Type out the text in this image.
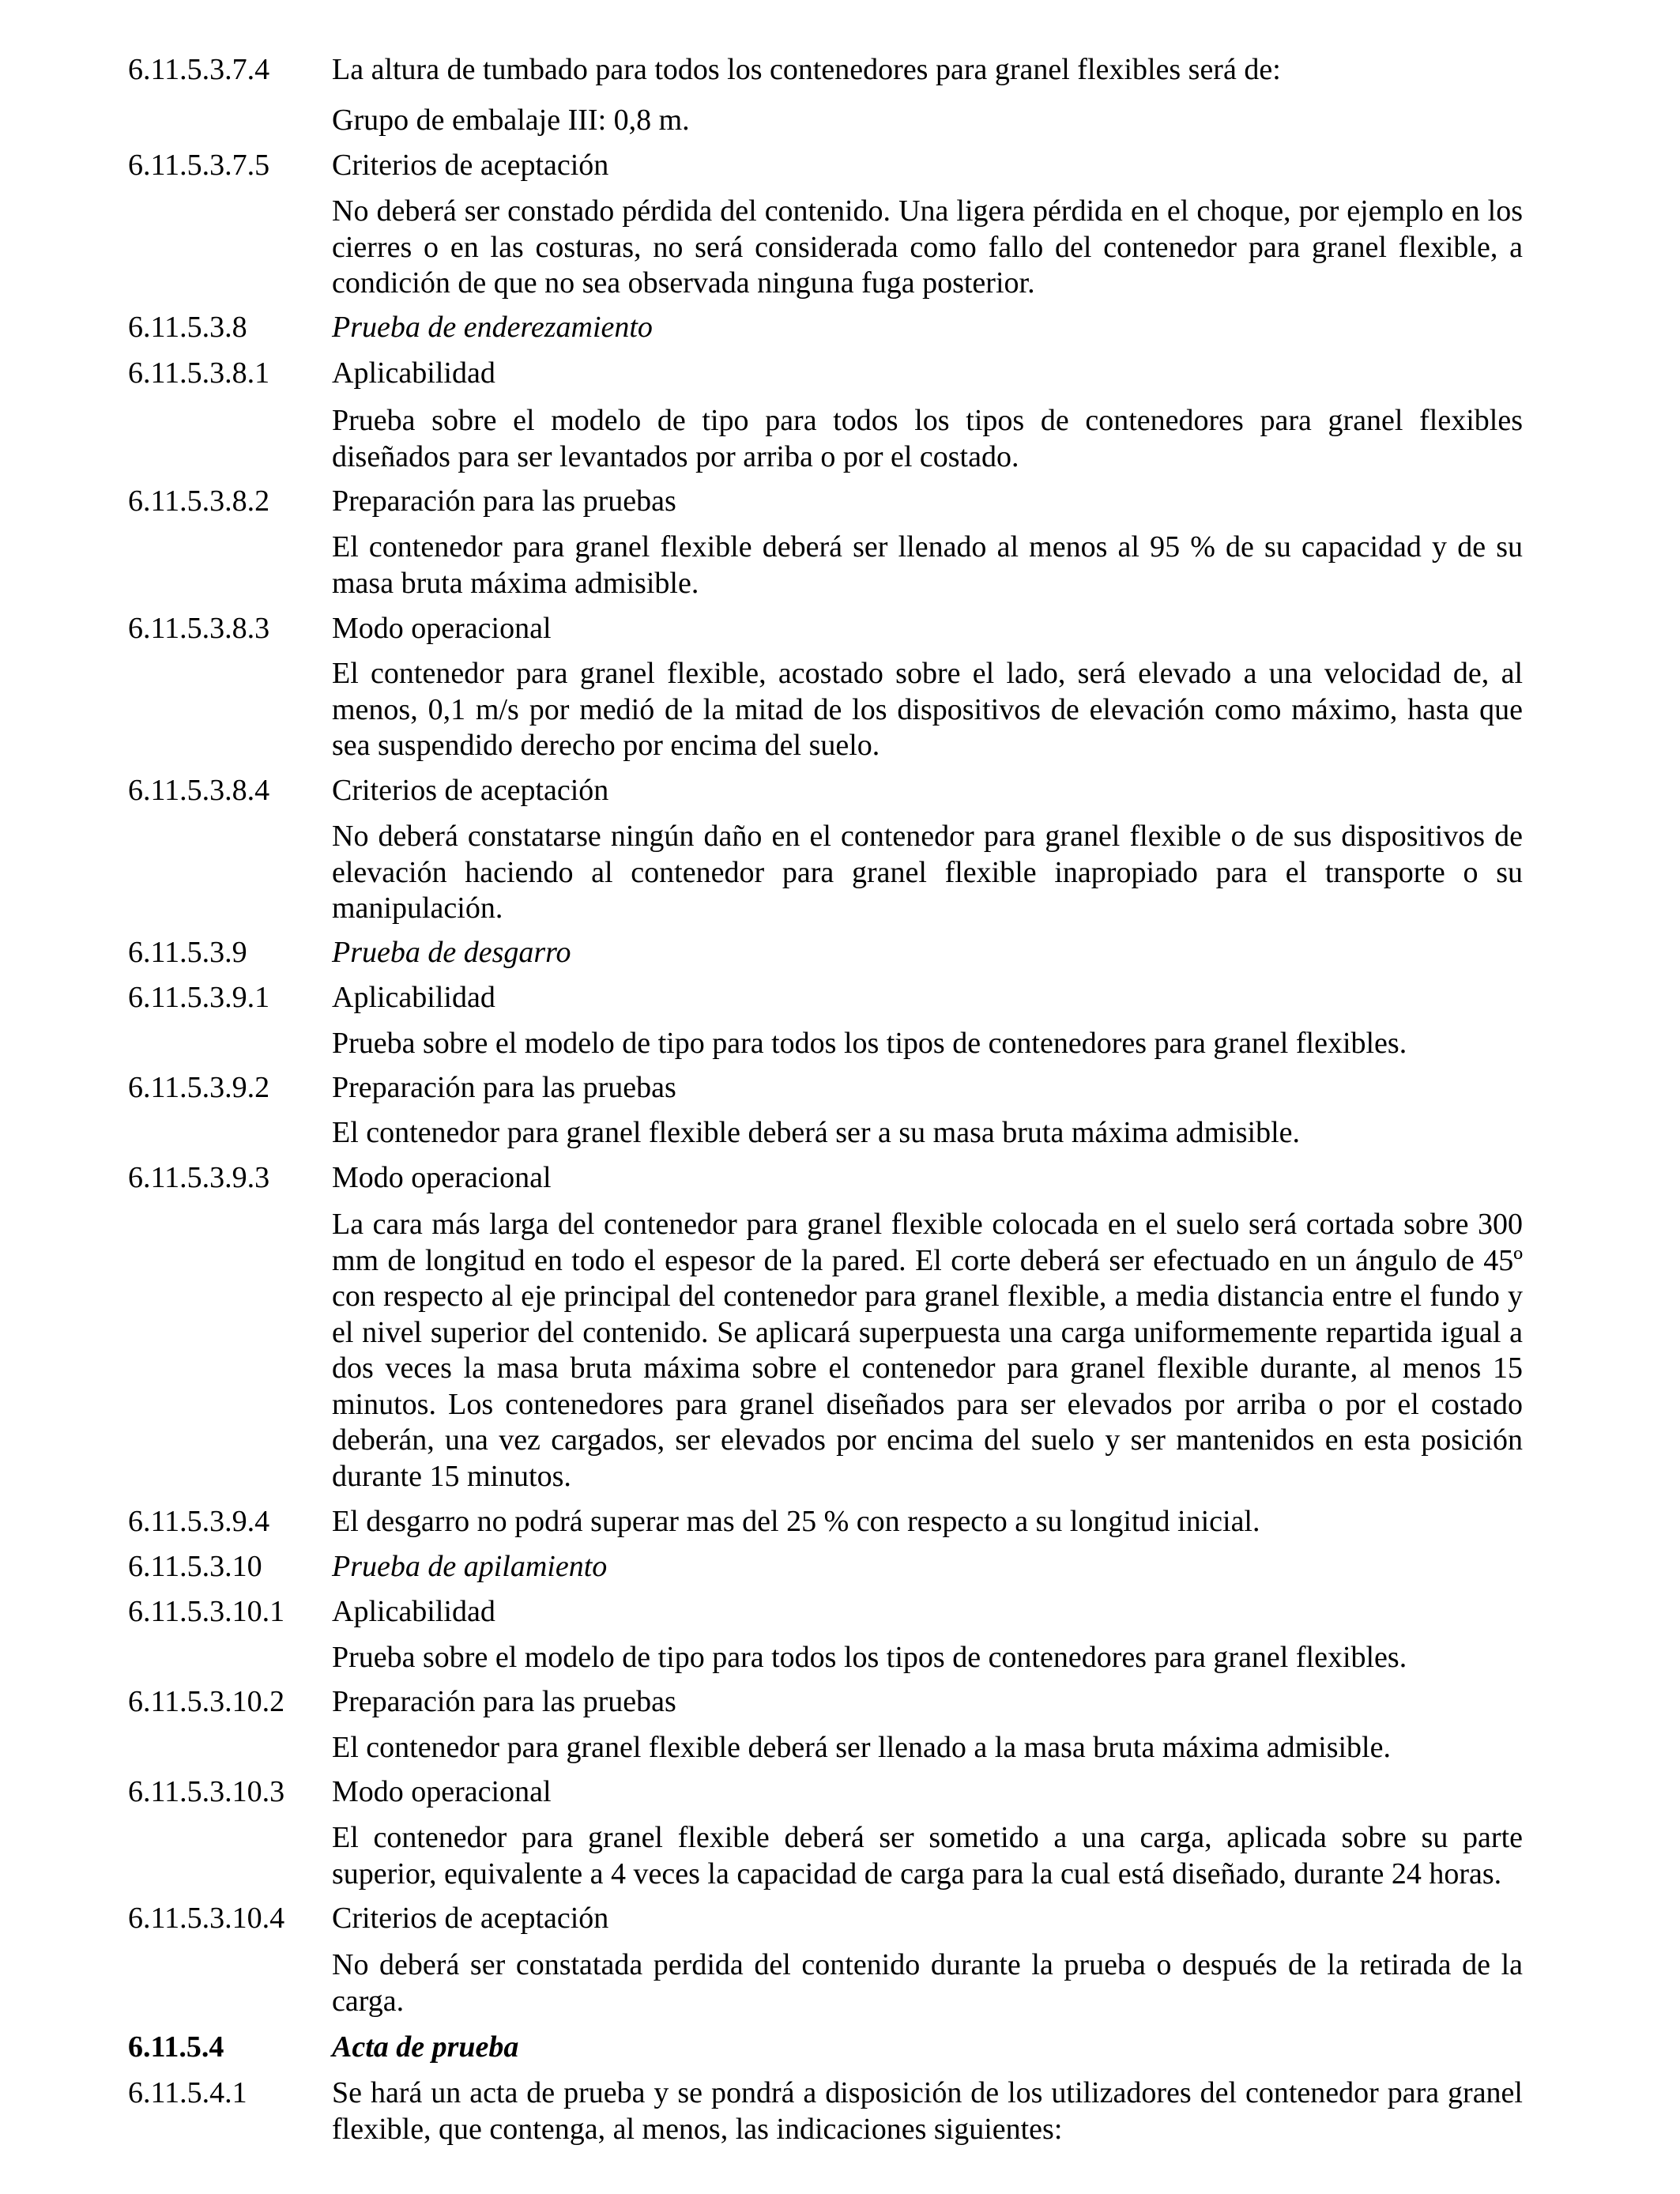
6.11.5.3.7.4	La altura de tumbado para todos los contenedores para granel flexibles será de:
Grupo de embalaje III: 0,8 m.
6.11.5.3.7.5	Criterios de aceptación
No deberá ser constado pérdida del contenido. Una ligera pérdida en el choque, por ejemplo en los cierres o en las costuras, no será considerada como fallo del contenedor para granel flexible, a condición de que no sea observada ninguna fuga posterior.
6.11.5.3.8	Prueba de enderezamiento
6.11.5.3.8.1	Aplicabilidad
Prueba sobre el modelo de tipo para todos los tipos de contenedores para granel flexibles diseñados para ser levantados por arriba o por el costado.
6.11.5.3.8.2	Preparación para las pruebas
El contenedor para granel flexible deberá ser llenado al menos al 95 % de su capacidad y de su masa bruta máxima admisible.
6.11.5.3.8.3	Modo operacional
El contenedor para granel flexible, acostado sobre el lado, será elevado a una velocidad de, al menos, 0,1 m/s por medió de la mitad de los dispositivos de elevación como máximo, hasta que sea suspendido derecho por encima del suelo.
6.11.5.3.8.4	Criterios de aceptación
No deberá constatarse ningún daño en el contenedor para granel flexible o de sus dispositivos de elevación haciendo al contenedor para granel flexible inapropiado para el transporte o su manipulación.
6.11.5.3.9	Prueba de desgarro
6.11.5.3.9.1	Aplicabilidad
Prueba sobre el modelo de tipo para todos los tipos de contenedores para granel flexibles.
6.11.5.3.9.2	Preparación para las pruebas
El contenedor para granel flexible deberá ser a su masa bruta máxima admisible.
6.11.5.3.9.3	Modo operacional
La cara más larga del contenedor para granel flexible colocada en el suelo será cortada sobre 300 mm de longitud en todo el espesor de la pared. El corte deberá ser efectuado en un ángulo de 45º con respecto al eje principal del contenedor para granel flexible, a media distancia entre el fundo y el nivel superior del contenido. Se aplicará superpuesta una carga uniformemente repartida igual a dos veces la masa bruta máxima sobre el contenedor para granel flexible durante, al menos 15 minutos. Los contenedores para granel diseñados para ser elevados por arriba o por el costado deberán, una vez cargados, ser elevados por encima del suelo y ser mantenidos en esta posición durante 15 minutos.
6.11.5.3.9.4	El desgarro no podrá superar mas del 25 % con respecto a su longitud inicial.
6.11.5.3.10	Prueba de apilamiento
6.11.5.3.10.1	Aplicabilidad
Prueba sobre el modelo de tipo para todos los tipos de contenedores para granel flexibles.
6.11.5.3.10.2	Preparación para las pruebas
El contenedor para granel flexible deberá ser llenado a la masa bruta máxima admisible.
6.11.5.3.10.3	Modo operacional
El contenedor para granel flexible deberá ser sometido a una carga, aplicada sobre su parte superior, equivalente a 4 veces la capacidad de carga para la cual está diseñado, durante 24 horas.
6.11.5.3.10.4	Criterios de aceptación
No deberá ser constatada perdida del contenido durante la prueba o después de la retirada de la carga.
6.11.5.4	Acta de prueba
6.11.5.4.1	Se hará un acta de prueba y se pondrá a disposición de los utilizadores del contenedor para granel flexible, que contenga, al menos, las indicaciones siguientes:
